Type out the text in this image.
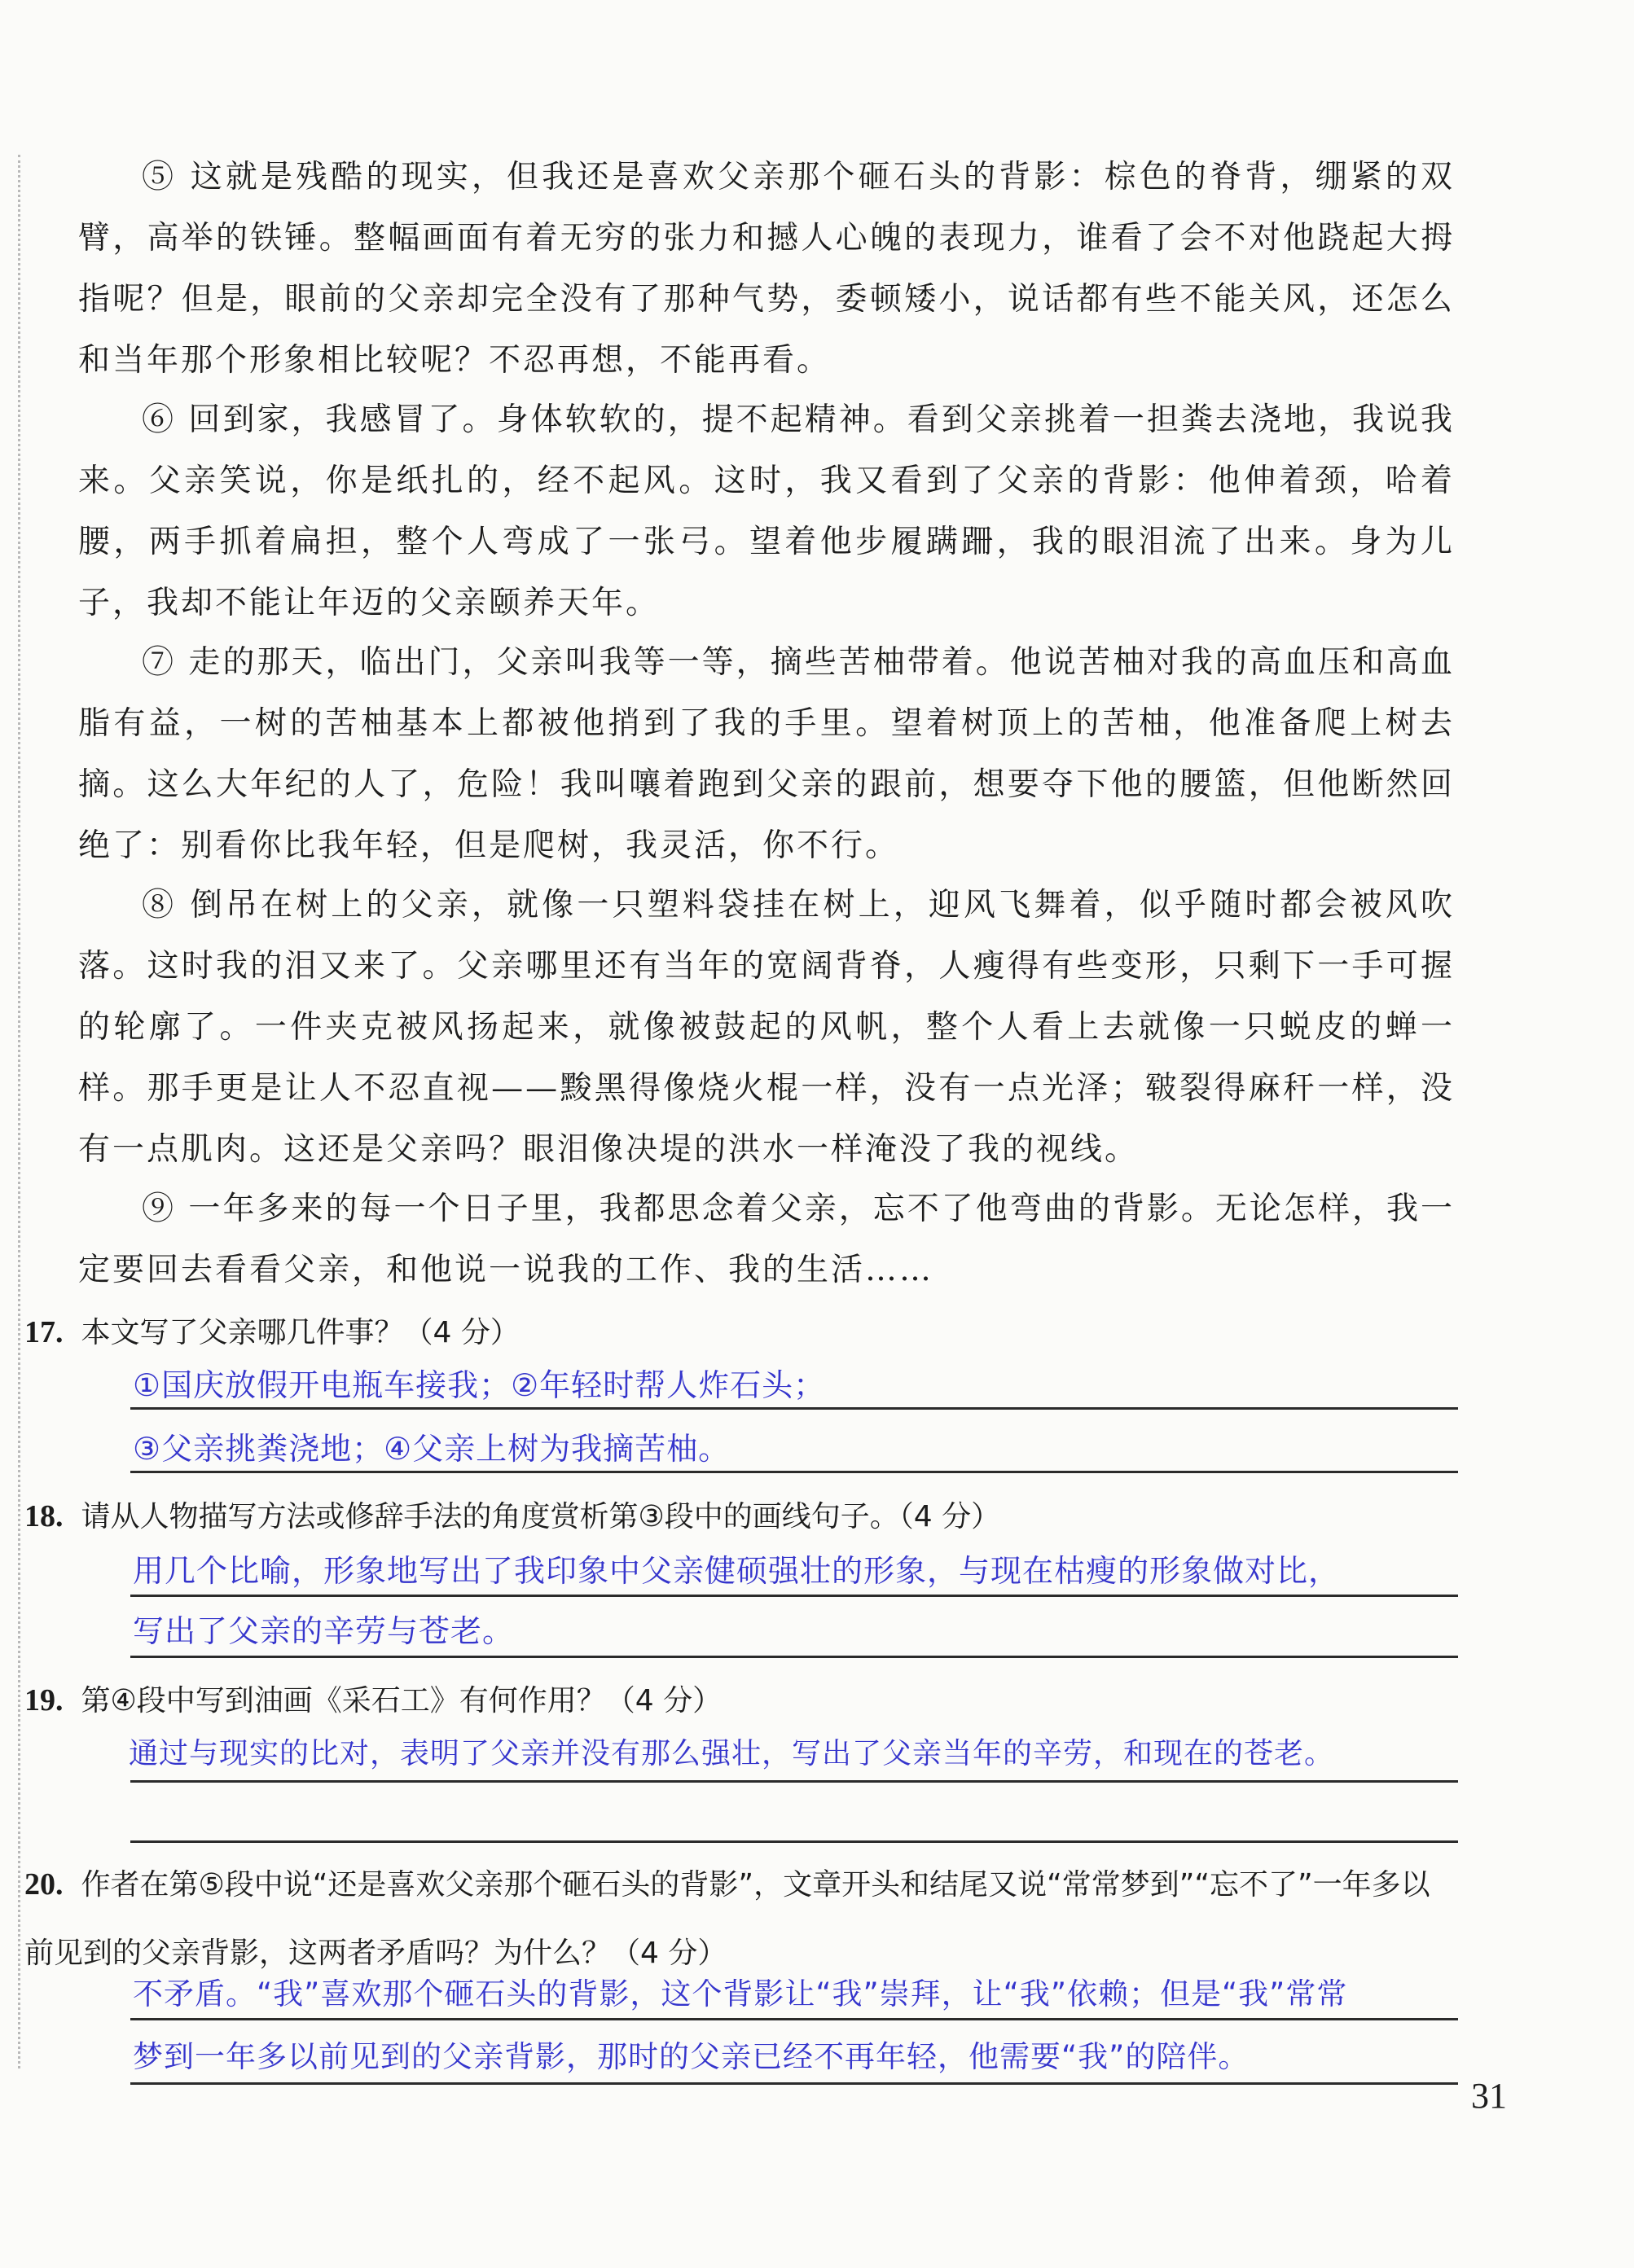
⑤ 这就是残酷的现实，但我还是喜欢父亲那个砸石头的背影：棕色的脊背，绷紧的双臂，高举的铁锤。整幅画面有着无穷的张力和撼人心魄的表现力，谁看了会不对他跷起大拇指呢？但是，眼前的父亲却完全没有了那种气势，委顿矮小，说话都有些不能关风，还怎么和当年那个形象相比较呢？不忍再想，不能再看。

⑥ 回到家，我感冒了。身体软软的，提不起精神。看到父亲挑着一担粪去浇地，我说我来。父亲笑说，你是纸扎的，经不起风。这时，我又看到了父亲的背影：他伸着颈，哈着腰，两手抓着扁担，整个人弯成了一张弓。望着他步履蹒跚，我的眼泪流了出来。身为儿子，我却不能让年迈的父亲颐养天年。

⑦ 走的那天，临出门，父亲叫我等一等，摘些苦柚带着。他说苦柚对我的高血压和高血脂有益，一树的苦柚基本上都被他捎到了我的手里。望着树顶上的苦柚，他准备爬上树去摘。这么大年纪的人了，危险！我叫嚷着跑到父亲的跟前，想要夺下他的腰篮，但他断然回绝了：别看你比我年轻，但是爬树，我灵活，你不行。

⑧ 倒吊在树上的父亲，就像一只塑料袋挂在树上，迎风飞舞着，似乎随时都会被风吹落。这时我的泪又来了。父亲哪里还有当年的宽阔背脊，人瘦得有些变形，只剩下一手可握的轮廓了。一件夹克被风扬起来，就像被鼓起的风帆，整个人看上去就像一只蜕皮的蝉一样。那手更是让人不忍直视——黢黑得像烧火棍一样，没有一点光泽；皲裂得麻秆一样，没有一点肌肉。这还是父亲吗？眼泪像决堤的洪水一样淹没了我的视线。

⑨ 一年多来的每一个日子里，我都思念着父亲，忘不了他弯曲的背影。无论怎样，我一定要回去看看父亲，和他说一说我的工作、我的生活……

17. 本文写了父亲哪几件事？（4 分）
①国庆放假开电瓶车接我；②年轻时帮人炸石头；
③父亲挑粪浇地；④父亲上树为我摘苦柚。
18. 请从人物描写方法或修辞手法的角度赏析第③段中的画线句子。（4 分）
用几个比喻，形象地写出了我印象中父亲健硕强壮的形象，与现在枯瘦的形象做对比，
写出了父亲的辛劳与苍老。
19. 第④段中写到油画《采石工》有何作用？（4 分）
通过与现实的比对，表明了父亲并没有那么强壮，写出了父亲当年的辛劳，和现在的苍老。
20. 作者在第⑤段中说“还是喜欢父亲那个砸石头的背影”，文章开头和结尾又说“常常梦到”“忘不了”一年多以前见到的父亲背影，这两者矛盾吗？为什么？（4 分）
不矛盾。“我”喜欢那个砸石头的背影，这个背影让“我”崇拜，让“我”依赖；但是“我”常常
梦到一年多以前见到的父亲背影，那时的父亲已经不再年轻，他需要“我”的陪伴。
31
